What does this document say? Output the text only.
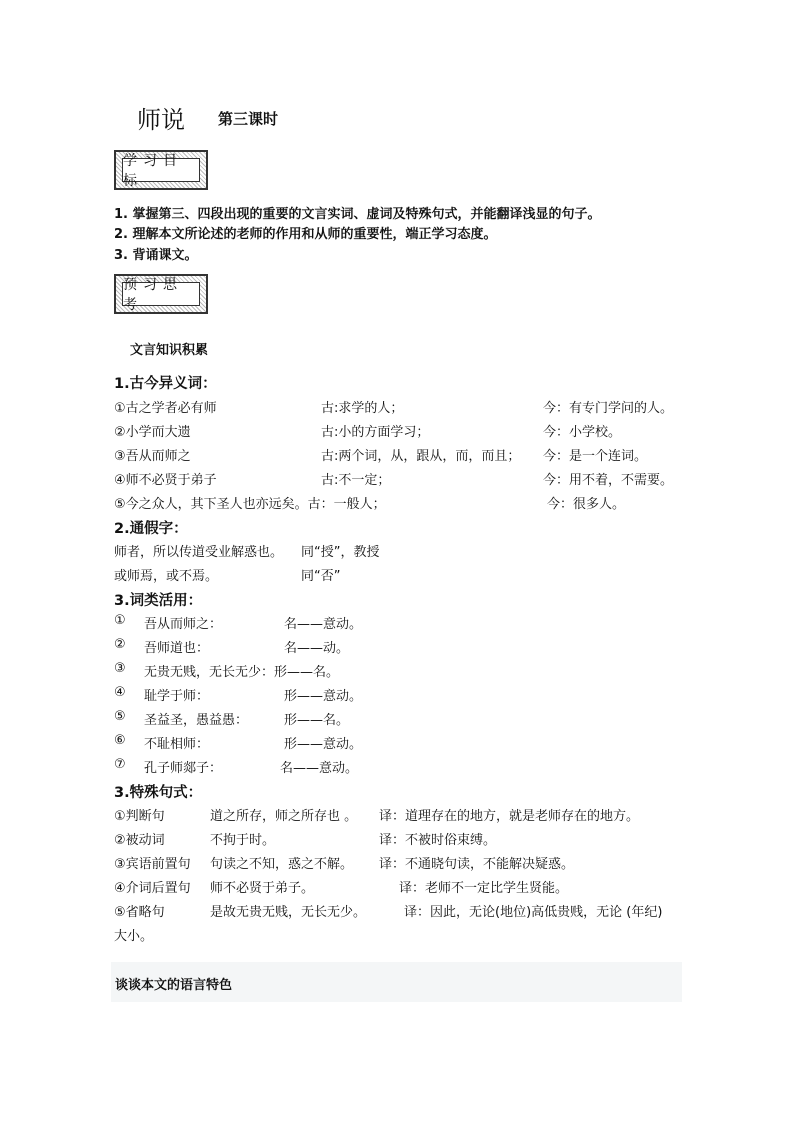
师说 第三课时
学习目标
1. 掌握第三、四段出现的重要的文言实词、虚词及特殊句式，并能翻译浅显的句子。
2. 理解本文所论述的老师的作用和从师的重要性，端正学习态度。
3. 背诵课文。
预习思考
文言知识积累
1.古今异义词：
①古之学者必有师	古:求学的人；	今：有专门学问的人。
②小学而大遗	古:小的方面学习；	今：小学校。
③吾从而师之	古:两个词，从，跟从，而，而且； 今：是一个连词。
④师不必贤于弟子	古:不一定；	今：用不着，不需要。
⑤今之众人，其下圣人也亦远矣。古：一般人；	今：很多人。
2.通假字：
师者，所以传道受业解惑也。 同“授”，教授
或师焉，或不焉。	同“否”
3.词类活用：
① 吾从而师之：	名——意动。
② 吾师道也：	名——动。
③ 无贵无贱，无长无少：形——名。
④ 耻学于师：	形——意动。
⑤ 圣益圣，愚益愚：	形——名。
⑥ 不耻相师：	形——意动。
⑦ 孔子师郯子：	名——意动。
3.特殊句式：
①判断句	道之所存，师之所存也 。 译：道理存在的地方，就是老师存在的地方。
②被动词	不拘于时。	译：不被时俗束缚。
③宾语前置句 句读之不知，惑之不解。 译：不通晓句读，不能解决疑惑。
④介词后置句 师不必贤于弟子。	译：老师不一定比学生贤能。
⑤省略句	是故无贵无贱，无长无少。	译：因此，无论(地位)高低贵贱，无论 (年纪)
大小。
谈谈本文的语言特色
